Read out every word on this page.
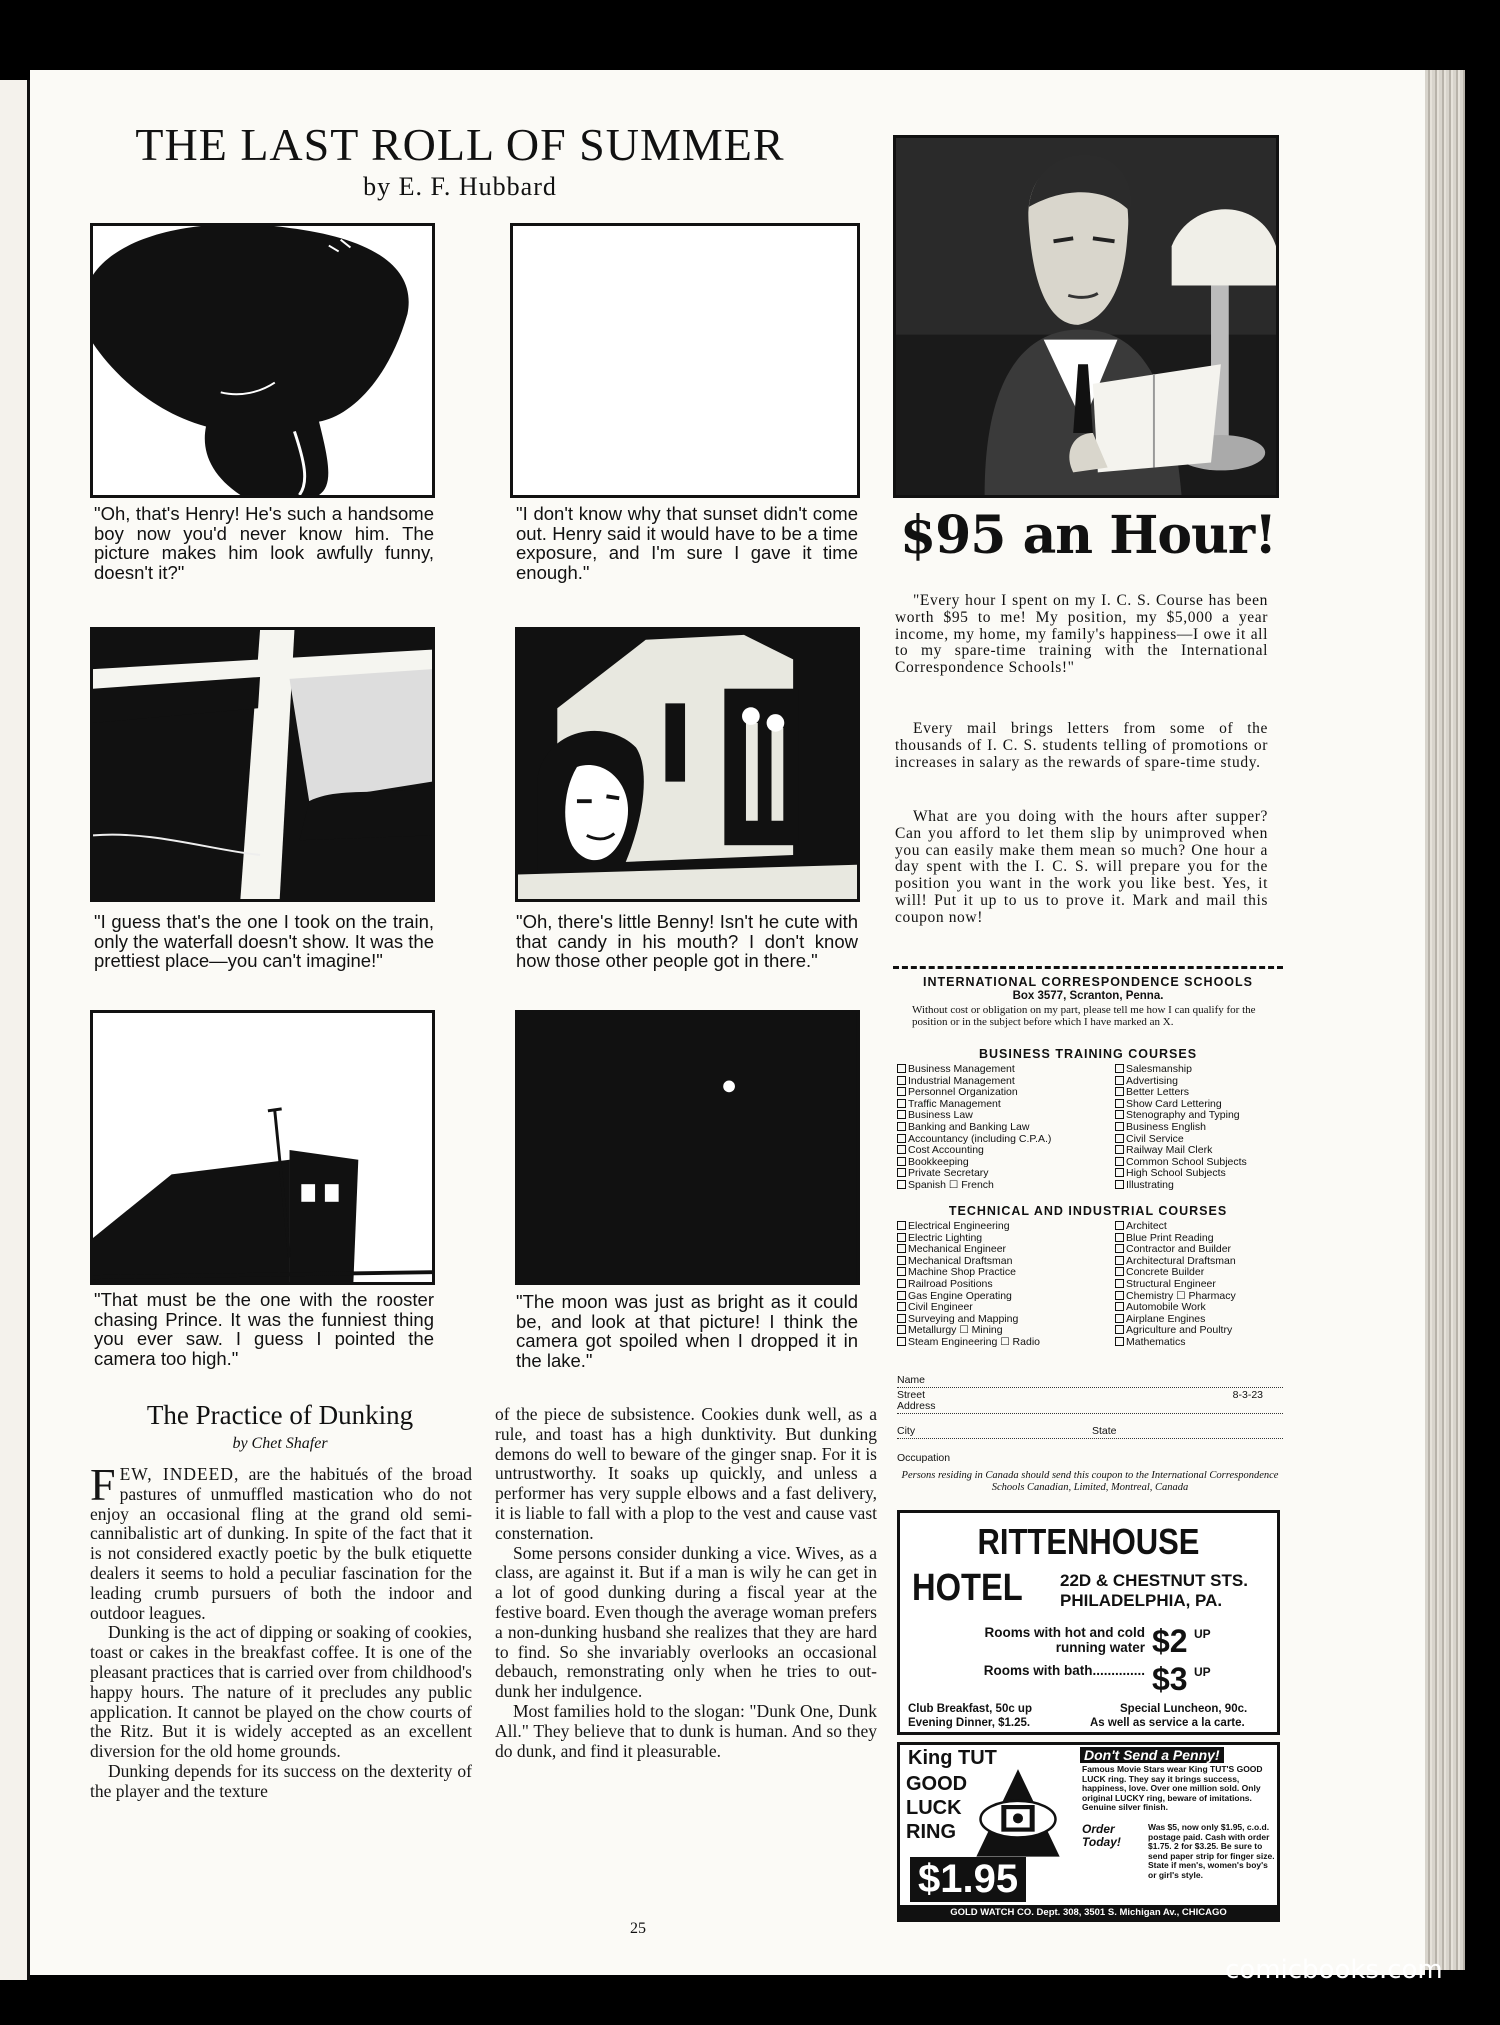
THE LAST ROLL OF SUMMER
by E. F. Hubbard
"Oh, that's Henry! He's such a handsome boy now you'd never know him. The picture makes him look awfully funny, doesn't it?"
"I don't know why that sunset didn't come out. Henry said it would have to be a time exposure, and I'm sure I gave it time enough."
"I guess that's the one I took on the train, only the waterfall doesn't show. It was the prettiest place—you can't imagine!"
"Oh, there's little Benny! Isn't he cute with that candy in his mouth? I don't know how those other people got in there."
"That must be the one with the rooster chasing Prince. It was the funniest thing you ever saw. I guess I pointed the camera too high."
"The moon was just as bright as it could be, and look at that picture! I think the camera got spoiled when I dropped it in the lake."
The Practice of Dunking
by Chet Shafer

FEW, INDEED, are the habitués of the broad pastures of unmuffled mastication who do not enjoy an occasional fling at the grand old semi-cannibalistic art of dunking. In spite of the fact that it is not considered exactly poetic by the bulk etiquette dealers it seems to hold a peculiar fascination for the leading crumb pursuers of both the indoor and outdoor leagues.

Dunking is the act of dipping or soaking of cookies, toast or cakes in the breakfast coffee. It is one of the pleasant practices that is carried over from childhood's happy hours. The nature of it precludes any public application. It cannot be played on the chow courts of the Ritz. But it is widely accepted as an excellent diversion for the old home grounds.

Dunking depends for its success on the dexterity of the player and the texture

of the piece de subsistence. Cookies dunk well, as a rule, and toast has a high dunktivity. But dunking demons do well to beware of the ginger snap. For it is untrustworthy. It soaks up quickly, and unless a performer has very supple elbows and a fast delivery, it is liable to fall with a plop to the vest and cause vast consternation.

Some persons consider dunking a vice. Wives, as a class, are against it. But if a man is wily he can get in a lot of good dunking during a fiscal year at the festive board. Even though the average woman prefers a non-dunking husband she realizes that they are hard to find. So she invariably overlooks an occasional debauch, remonstrating only when he tries to out-dunk her indulgence.

Most families hold to the slogan: "Dunk One, Dunk All." They believe that to dunk is human. And so they do dunk, and find it pleasurable.

25
$95 an Hour!
"Every hour I spent on my I. C. S. Course has been worth $95 to me! My position, my $5,000 a year income, my home, my family's happiness—I owe it all to my spare-time training with the International Correspondence Schools!"
Every mail brings letters from some of the thousands of I. C. S. students telling of promotions or increases in salary as the rewards of spare-time study.
What are you doing with the hours after supper? Can you afford to let them slip by unimproved when you can easily make them mean so much? One hour a day spent with the I. C. S. will prepare you for the position you want in the work you like best. Yes, it will! Put it up to us to prove it. Mark and mail this coupon now!
INTERNATIONAL CORRESPONDENCE SCHOOLS
Box 3577, Scranton, Penna.
Without cost or obligation on my part, please tell me how I can qualify for the position or in the subject before which I have marked an X.
BUSINESS TRAINING COURSES
Business Management
Industrial Management
Personnel Organization
Traffic Management
Business Law
Banking and Banking Law
Accountancy (including C.P.A.)
Cost Accounting
Bookkeeping
Private Secretary
Spanish ☐ French
Salesmanship
Advertising
Better Letters
Show Card Lettering
Stenography and Typing
Business English
Civil Service
Railway Mail Clerk
Common School Subjects
High School Subjects
Illustrating
TECHNICAL AND INDUSTRIAL COURSES
Electrical Engineering
Electric Lighting
Mechanical Engineer
Mechanical Draftsman
Machine Shop Practice
Railroad Positions
Gas Engine Operating
Civil Engineer
Surveying and Mapping
Metallurgy ☐ Mining
Steam Engineering ☐ Radio
Architect
Blue Print Reading
Contractor and Builder
Architectural Draftsman
Concrete Builder
Structural Engineer
Chemistry ☐ Pharmacy
Automobile Work
Airplane Engines
Agriculture and Poultry
Mathematics
Name
Street	8-3-23
Address
City	State
Occupation
Persons residing in Canada should send this coupon to the International Correspondence Schools Canadian, Limited, Montreal, Canada
RITTENHOUSE
HOTEL 22D & CHESTNUT STS.
PHILADELPHIA, PA.
Rooms with hot and cold running water $2 UP
Rooms with bath.............. $3 UP
Club Breakfast, 50c up
Evening Dinner, $1.25.
Special Luncheon, 90c.
As well as service a la carte.
King TUT
GOOD
LUCK
RING
$1.95
Don't Send a Penny!
Famous Movie Stars wear King TUT'S GOOD LUCK ring. They say it brings success, happiness, love. Over one million sold. Only original LUCKY ring, beware of imitations. Genuine silver finish.
Order Today!
Was $5, now only $1.95, c.o.d. postage paid. Cash with order $1.75. 2 for $3.25. Be sure to send paper strip for finger size. State if men's, women's boy's or girl's style.
GOLD WATCH CO. Dept. 308, 3501 S. Michigan Av., CHICAGO
comicbooks.com
